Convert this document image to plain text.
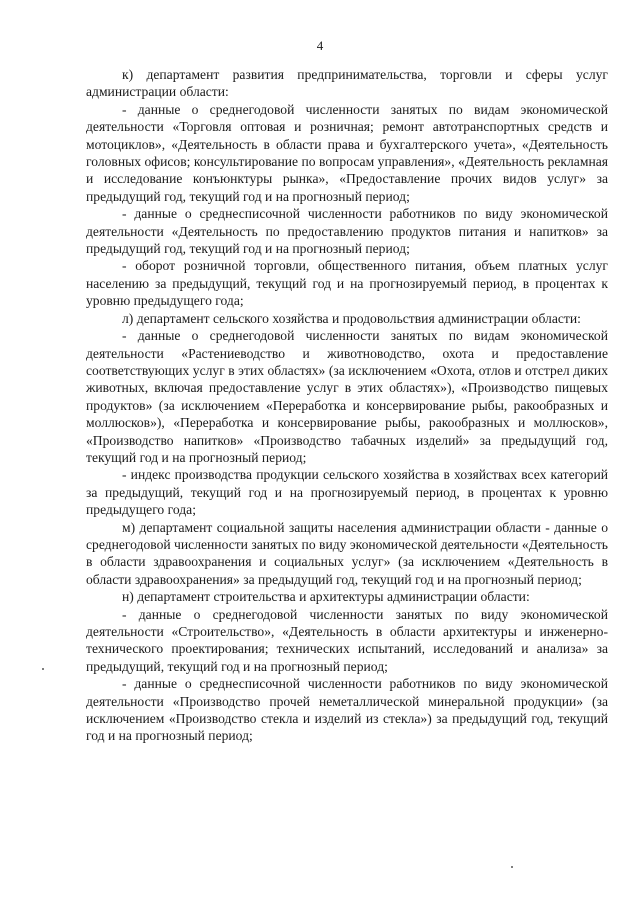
4

к) департамент развития предпринимательства, торговли и сферы услуг администрации области:

- данные о среднегодовой численности занятых по видам экономической деятельности «Торговля оптовая и розничная; ремонт автотранспортных средств и мотоциклов», «Деятельность в области права и бухгалтерского учета», «Деятельность головных офисов; консультирование по вопросам управления», «Деятельность рекламная и исследование конъюнктуры рынка», «Предоставление прочих видов услуг» за предыдущий год, текущий год и на прогнозный период;

- данные о среднесписочной численности работников по виду экономической деятельности «Деятельность по предоставлению продуктов питания и напитков» за предыдущий год, текущий год и на прогнозный период;

- оборот розничной торговли, общественного питания, объем платных услуг населению за предыдущий, текущий год и на прогнозируемый период, в процентах к уровню предыдущего года;

л) департамент сельского хозяйства и продовольствия администрации области:

- данные о среднегодовой численности занятых по видам экономической деятельности «Растениеводство и животноводство, охота и предоставление соответствующих услуг в этих областях» (за исключением «Охота, отлов и отстрел диких животных, включая предоставление услуг в этих областях»), «Производство пищевых продуктов» (за исключением «Переработка и консервирование рыбы, ракообразных и моллюсков»), «Переработка и консервирование рыбы, ракообразных и моллюсков», «Производство напитков» «Производство табачных изделий» за предыдущий год, текущий год и на прогнозный период;

- индекс производства продукции сельского хозяйства в хозяйствах всех категорий за предыдущий, текущий год и на прогнозируемый период, в процентах к уровню предыдущего года;

м) департамент социальной защиты населения администрации области - данные о среднегодовой численности занятых по виду экономической деятельности «Деятельность в области здравоохранения и социальных услуг» (за исключением «Деятельность в области здравоохранения» за предыдущий год, текущий год и на прогнозный период;

н) департамент строительства и архитектуры администрации области:

- данные о среднегодовой численности занятых по виду экономической деятельности «Строительство», «Деятельность в области архитектуры и инженерно-технического проектирования; технических испытаний, исследований и анализа» за предыдущий, текущий год и на прогнозный период;

- данные о среднесписочной численности работников по виду экономической деятельности «Производство прочей неметаллической минеральной продукции» (за исключением «Производство стекла и изделий из стекла») за предыдущий год, текущий год и на прогнозный период;
